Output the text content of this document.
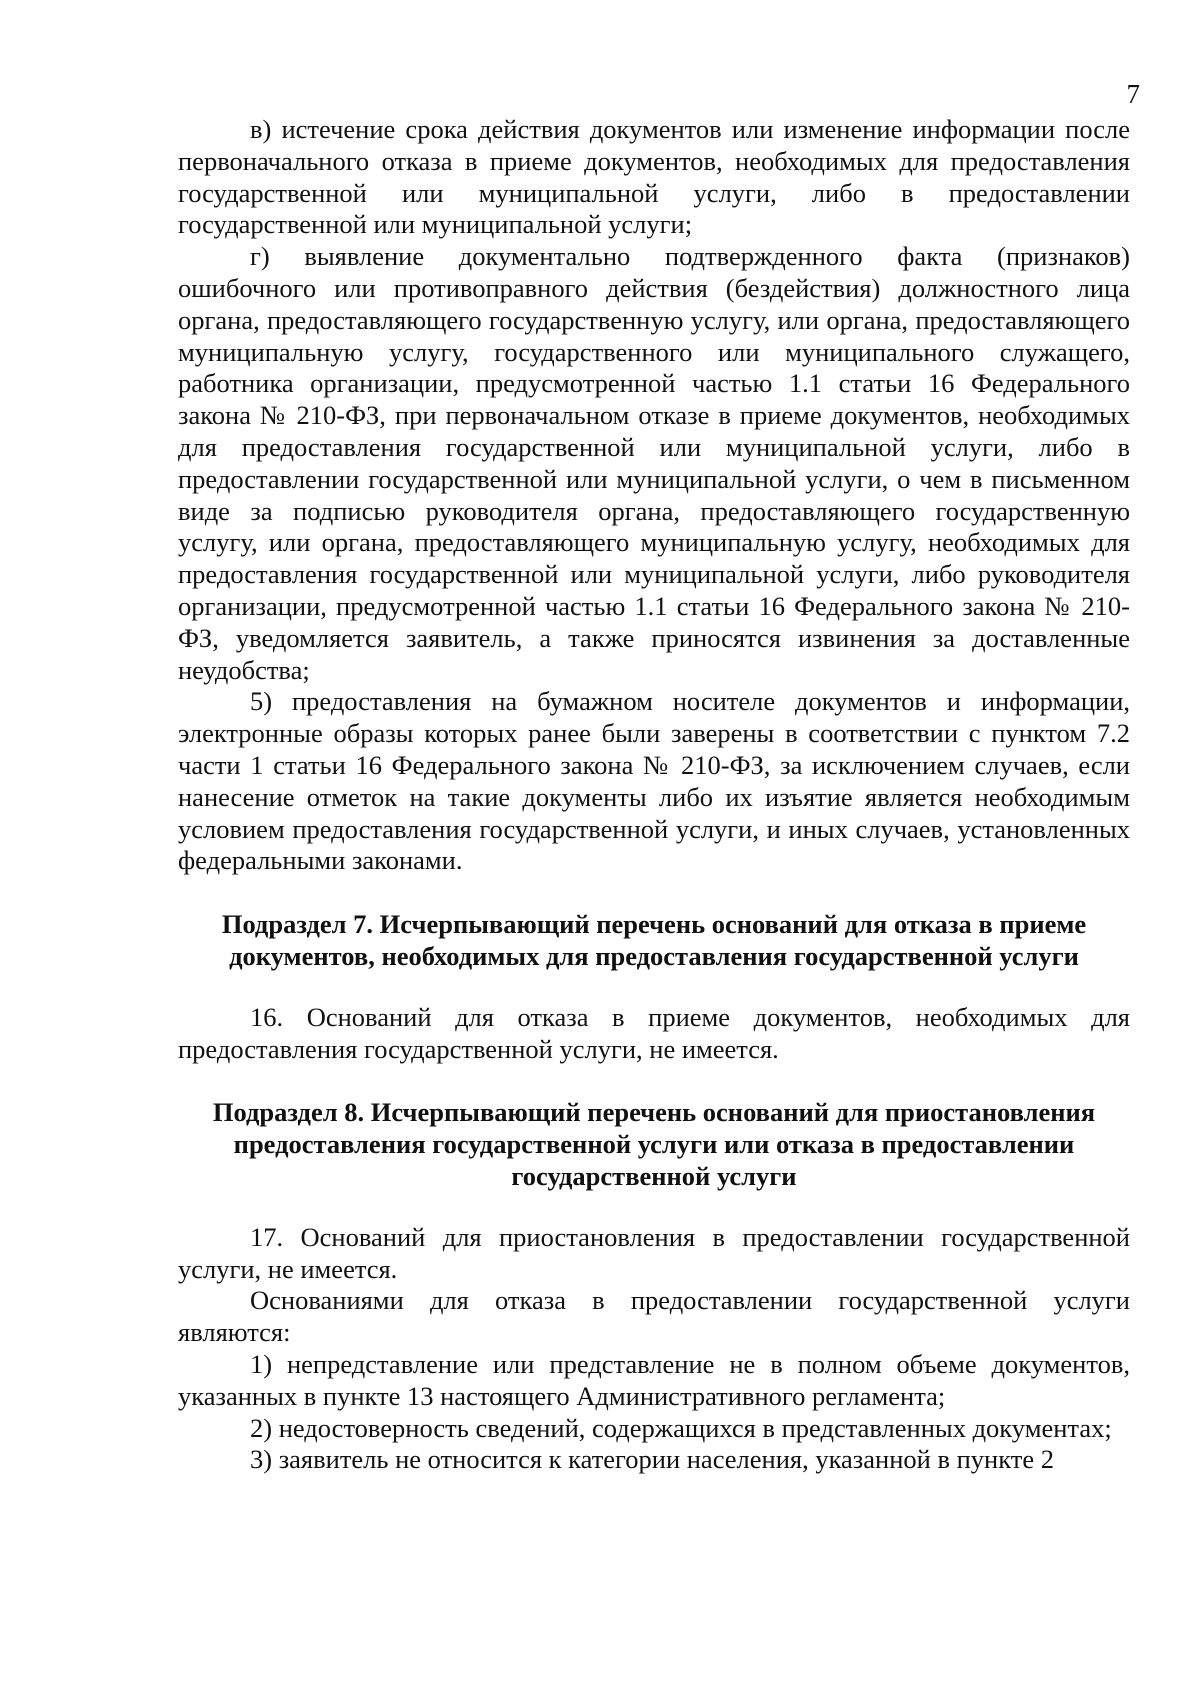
7

в) истечение срока действия документов или изменение информации после первоначального отказа в приеме документов, необходимых для предоставления государственной или муниципальной услуги, либо в предоставлении государственной или муниципальной услуги;

г) выявление документально подтвержденного факта (признаков) ошибочного или противоправного действия (бездействия) должностного лица органа, предоставляющего государственную услугу, или органа, предоставляющего муниципальную услугу, государственного или муниципального служащего, работника организации, предусмотренной частью 1.1 статьи 16 Федерального закона № 210-ФЗ, при первоначальном отказе в приеме документов, необходимых для предоставления государственной или муниципальной услуги, либо в предоставлении государственной или муниципальной услуги, о чем в письменном виде за подписью руководителя органа, предоставляющего государственную услугу, или органа, предоставляющего муниципальную услугу, необходимых для предоставления государственной или муниципальной услуги, либо руководителя организации, предусмотренной частью 1.1 статьи 16 Федерального закона № 210-ФЗ, уведомляется заявитель, а также приносятся извинения за доставленные неудобства;

5) предоставления на бумажном носителе документов и информации, электронные образы которых ранее были заверены в соответствии с пунктом 7.2 части 1 статьи 16 Федерального закона № 210-ФЗ, за исключением случаев, если нанесение отметок на такие документы либо их изъятие является необходимым условием предоставления государственной услуги, и иных случаев, установленных федеральными законами.

Подраздел 7. Исчерпывающий перечень оснований для отказа в приеме документов, необходимых для предоставления государственной услуги

16. Оснований для отказа в приеме документов, необходимых для предоставления государственной услуги, не имеется.

Подраздел 8. Исчерпывающий перечень оснований для приостановления предоставления государственной услуги или отказа в предоставлении государственной услуги

17. Оснований для приостановления в предоставлении государственной услуги, не имеется.

Основаниями для отказа в предоставлении государственной услуги являются:

1) непредставление или представление не в полном объеме документов, указанных в пункте 13 настоящего Административного регламента;

2) недостоверность сведений, содержащихся в представленных документах;

3) заявитель не относится к категории населения, указанной в пункте 2
